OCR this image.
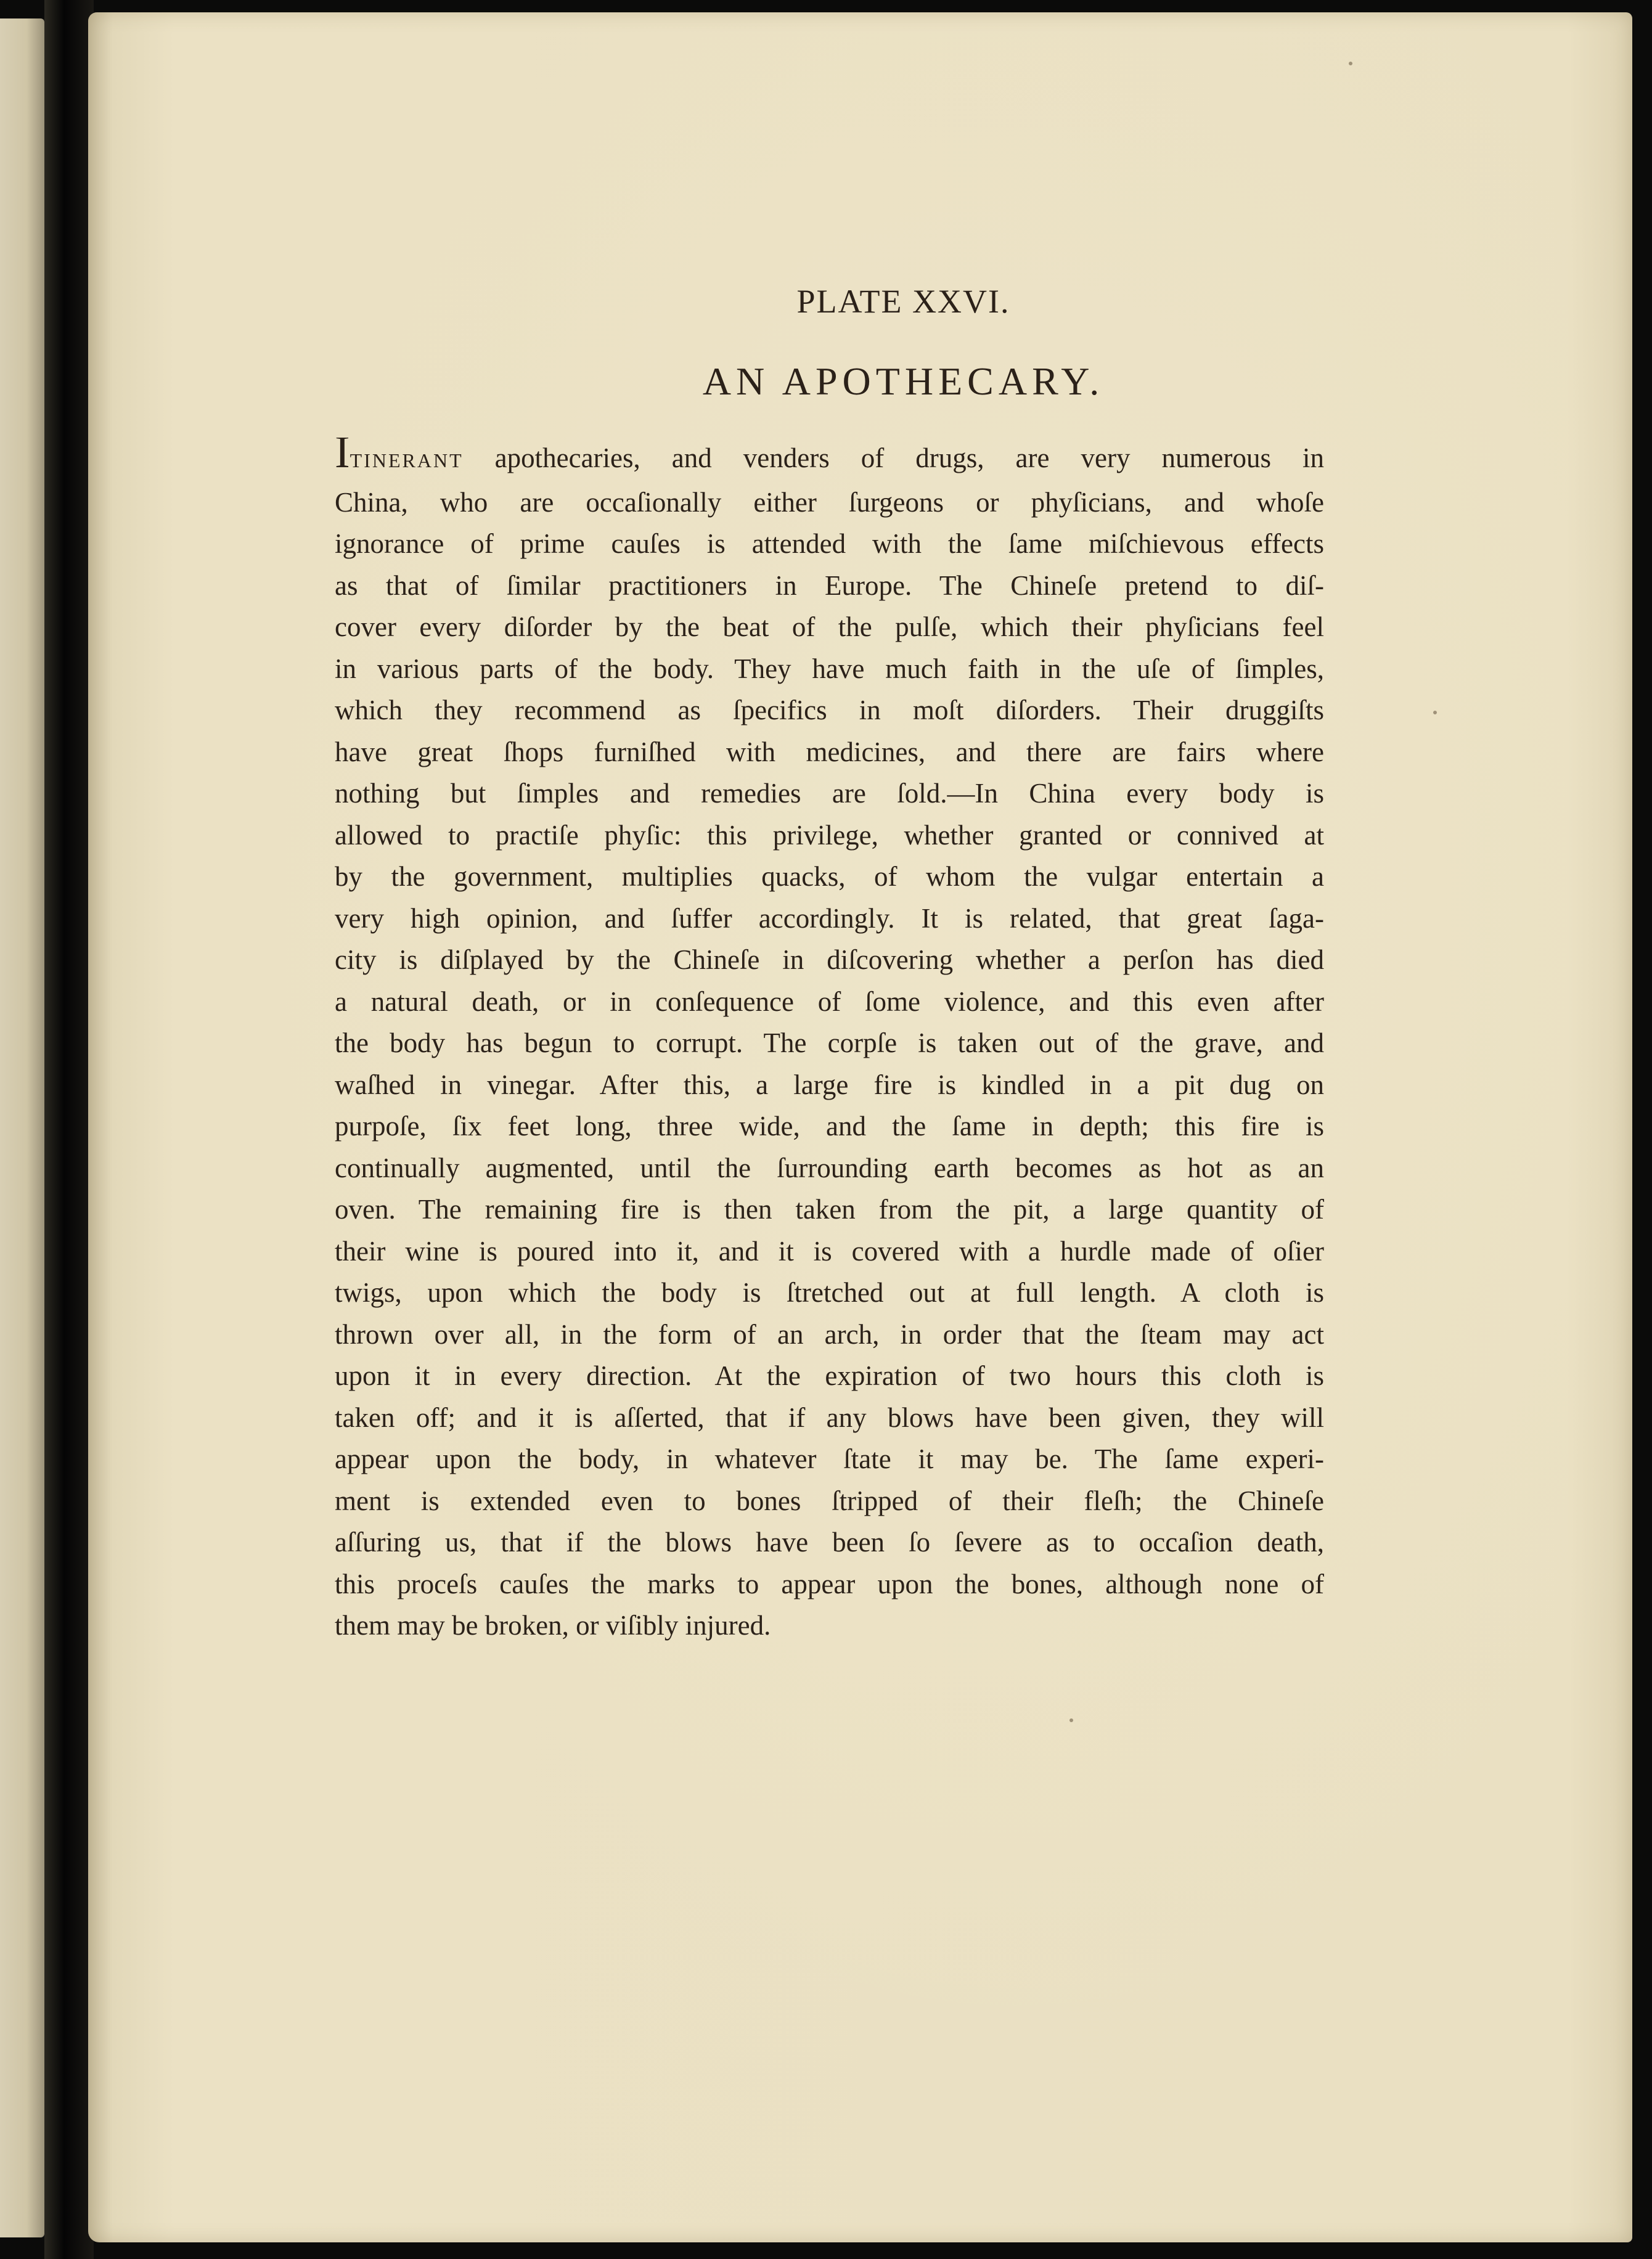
PLATE XXVI.
AN APOTHECARY.
ITINERANT apothecaries, and venders of drugs, are very numerous in
China, who are occaſionally either ſurgeons or phyſicians, and whoſe
ignorance of prime cauſes is attended with the ſame miſchievous effects
as that of ſimilar practitioners in Europe. The Chineſe pretend to diſ-
cover every diſorder by the beat of the pulſe, which their phyſicians feel
in various parts of the body. They have much faith in the uſe of ſimples,
which they recommend as ſpecifics in moſt diſorders. Their druggiſts
have great ſhops furniſhed with medicines, and there are fairs where
nothing but ſimples and remedies are ſold.—In China every body is
allowed to practiſe phyſic: this privilege, whether granted or connived at
by the government, multiplies quacks, of whom the vulgar entertain a
very high opinion, and ſuffer accordingly. It is related, that great ſaga-
city is diſplayed by the Chineſe in diſcovering whether a perſon has died
a natural death, or in conſequence of ſome violence, and this even after
the body has begun to corrupt. The corpſe is taken out of the grave, and
waſhed in vinegar. After this, a large fire is kindled in a pit dug on
purpoſe, ſix feet long, three wide, and the ſame in depth; this fire is
continually augmented, until the ſurrounding earth becomes as hot as an
oven. The remaining fire is then taken from the pit, a large quantity of
their wine is poured into it, and it is covered with a hurdle made of oſier
twigs, upon which the body is ſtretched out at full length. A cloth is
thrown over all, in the form of an arch, in order that the ſteam may act
upon it in every direction. At the expiration of two hours this cloth is
taken off; and it is aſſerted, that if any blows have been given, they will
appear upon the body, in whatever ſtate it may be. The ſame experi-
ment is extended even to bones ſtripped of their fleſh; the Chineſe
aſſuring us, that if the blows have been ſo ſevere as to occaſion death,
this proceſs cauſes the marks to appear upon the bones, although none of
them may be broken, or viſibly injured.
